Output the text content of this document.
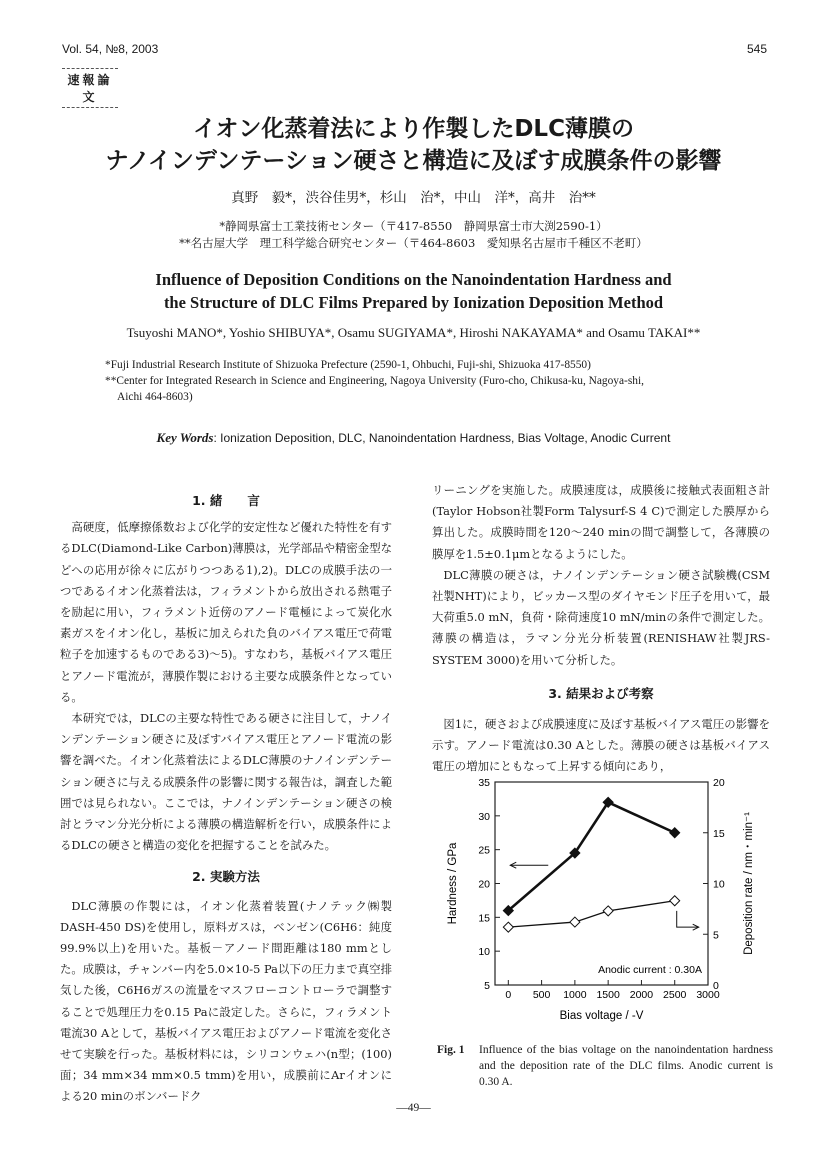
Vol. 54, №8, 2003	545
速報論文
イオン化蒸着法により作製したDLC薄膜の
ナノインデンテーション硬さと構造に及ぼす成膜条件の影響
真野　毅*，渋谷佳男*，杉山　治*，中山　洋*，高井　治**
*静岡県富士工業技術センター（〒417-8550　静岡県富士市大渕2590-1）
**名古屋大学　理工科学総合研究センター（〒464-8603　愛知県名古屋市千種区不老町）
Influence of Deposition Conditions on the Nanoindentation Hardness and
the Structure of DLC Films Prepared by Ionization Deposition Method
Tsuyoshi MANO*, Yoshio SHIBUYA*, Osamu SUGIYAMA*, Hiroshi NAKAYAMA* and Osamu TAKAI**
*Fuji Industrial Research Institute of Shizuoka Prefecture (2590-1, Ohbuchi, Fuji-shi, Shizuoka 417-8550)
**Center for Integrated Research in Science and Engineering, Nagoya University (Furo-cho, Chikusa-ku, Nagoya-shi,
Aichi 464-8603)
Key Words: Ionization Deposition, DLC, Nanoindentation Hardness, Bias Voltage, Anodic Current
1. 緒　　言

高硬度，低摩擦係数および化学的安定性など優れた特性を有するDLC(Diamond-Like Carbon)薄膜は，光学部品や精密金型などへの応用が徐々に広がりつつある1),2)。DLCの成膜手法の一つであるイオン化蒸着法は，フィラメントから放出される熱電子を励起に用い，フィラメント近傍のアノード電極によって炭化水素ガスをイオン化し，基板に加えられた負のバイアス電圧で荷電粒子を加速するものである3)～5)。すなわち，基板バイアス電圧とアノード電流が，薄膜作製における主要な成膜条件となっている。

本研究では，DLCの主要な特性である硬さに注目して，ナノインデンテーション硬さに及ぼすバイアス電圧とアノード電流の影響を調べた。イオン化蒸着法によるDLC薄膜のナノインデンテーション硬さに与える成膜条件の影響に関する報告は，調査した範囲では見られない。ここでは，ナノインデンテーション硬さの検討とラマン分光分析による薄膜の構造解析を行い，成膜条件によるDLCの硬さと構造の変化を把握することを試みた。

2. 実験方法

DLC薄膜の作製には，イオン化蒸着装置(ナノテック㈱製DASH-450 DS)を使用し，原料ガスは，ベンゼン(C6H6：純度99.9%以上)を用いた。基板－アノード間距離は180 mmとした。成膜は，チャンバー内を5.0×10-5 Pa以下の圧力まで真空排気した後，C6H6ガスの流量をマスフローコントローラで調整することで処理圧力を0.15 Paに設定した。さらに，フィラメント電流30 Aとして，基板バイアス電圧およびアノード電流を変化させて実験を行った。基板材料には，シリコンウェハ(n型；(100)面；34 mm×34 mm×0.5 tmm)を用い，成膜前にArイオンによる20 minのボンバードク

リーニングを実施した。成膜速度は，成膜後に接触式表面粗さ計(Taylor Hobson社製Form Talysurf-S 4 C)で測定した膜厚から算出した。成膜時間を120～240 minの間で調整して，各薄膜の膜厚を1.5±0.1μmとなるようにした。

DLC薄膜の硬さは，ナノインデンテーション硬さ試験機(CSM社製NHT)により，ビッカース型のダイヤモンド圧子を用いて，最大荷重5.0 mN，負荷・除荷速度10 mN/minの条件で測定した。薄膜の構造は，ラマン分光分析装置(RENISHAW社製JRS-SYSTEM 3000)を用いて分析した。

3. 結果および考察

図1に，硬さおよび成膜速度に及ぼす基板バイアス電圧の影響を示す。アノード電流は0.30 Aとした。薄膜の硬さは基板バイアス電圧の増加にともなって上昇する傾向にあり，

0 500 1000 1500 2000 2500 3000
5
10
15
20
25
30
35
0
5
10
15
20
Bias voltage / -V
Hardness / GPa	Deposition rate / nm・min⁻¹
Anodic current : 0.30A
Fig. 1 Influence of the bias voltage on the nanoindentation hardness and the deposition rate of the DLC films. Anodic current is 0.30 A.
—49—
